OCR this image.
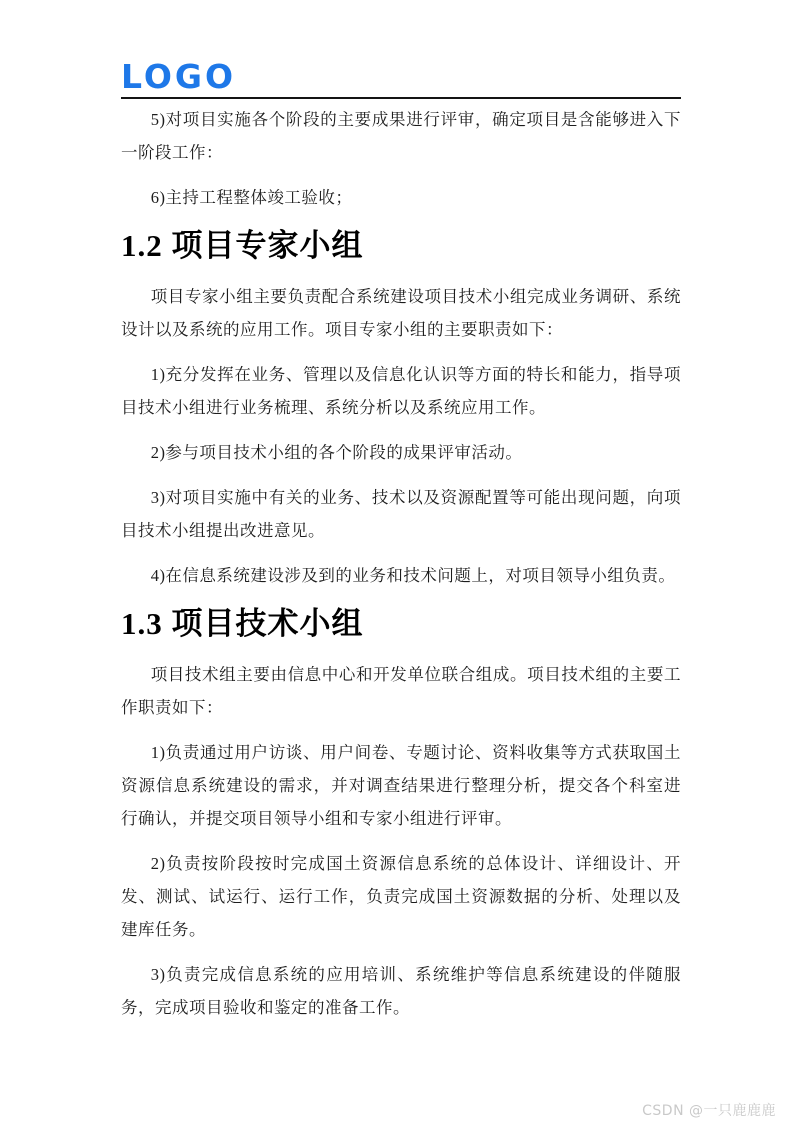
LOGO

5)对项目实施各个阶段的主要成果进行评审，确定项目是含能够进入下一阶段工作：

6)主持工程整体竣工验收；

1.2 项目专家小组

项目专家小组主要负责配合系统建设项目技术小组完成业务调研、系统设计以及系统的应用工作。项目专家小组的主要职责如下：

1)充分发挥在业务、管理以及信息化认识等方面的特长和能力，指导项目技术小组进行业务梳理、系统分析以及系统应用工作。

2)参与项目技术小组的各个阶段的成果评审活动。

3)对项目实施中有关的业务、技术以及资源配置等可能出现问题，向项目技术小组提出改进意见。

4)在信息系统建设涉及到的业务和技术问题上，对项目领导小组负责。

1.3 项目技术小组

项目技术组主要由信息中心和开发单位联合组成。项目技术组的主要工作职责如下：

1)负责通过用户访谈、用户间卷、专题讨论、资料收集等方式获取国土资源信息系统建设的需求，并对调查结果进行整理分析，提交各个科室进行确认，并提交项目领导小组和专家小组进行评审。

2)负责按阶段按时完成国土资源信息系统的总体设计、详细设计、开发、测试、试运行、运行工作，负责完成国土资源数据的分析、处理以及建库任务。

3)负责完成信息系统的应用培训、系统维护等信息系统建设的伴随服务，完成项目验收和鉴定的准备工作。

CSDN @一只鹿鹿鹿
